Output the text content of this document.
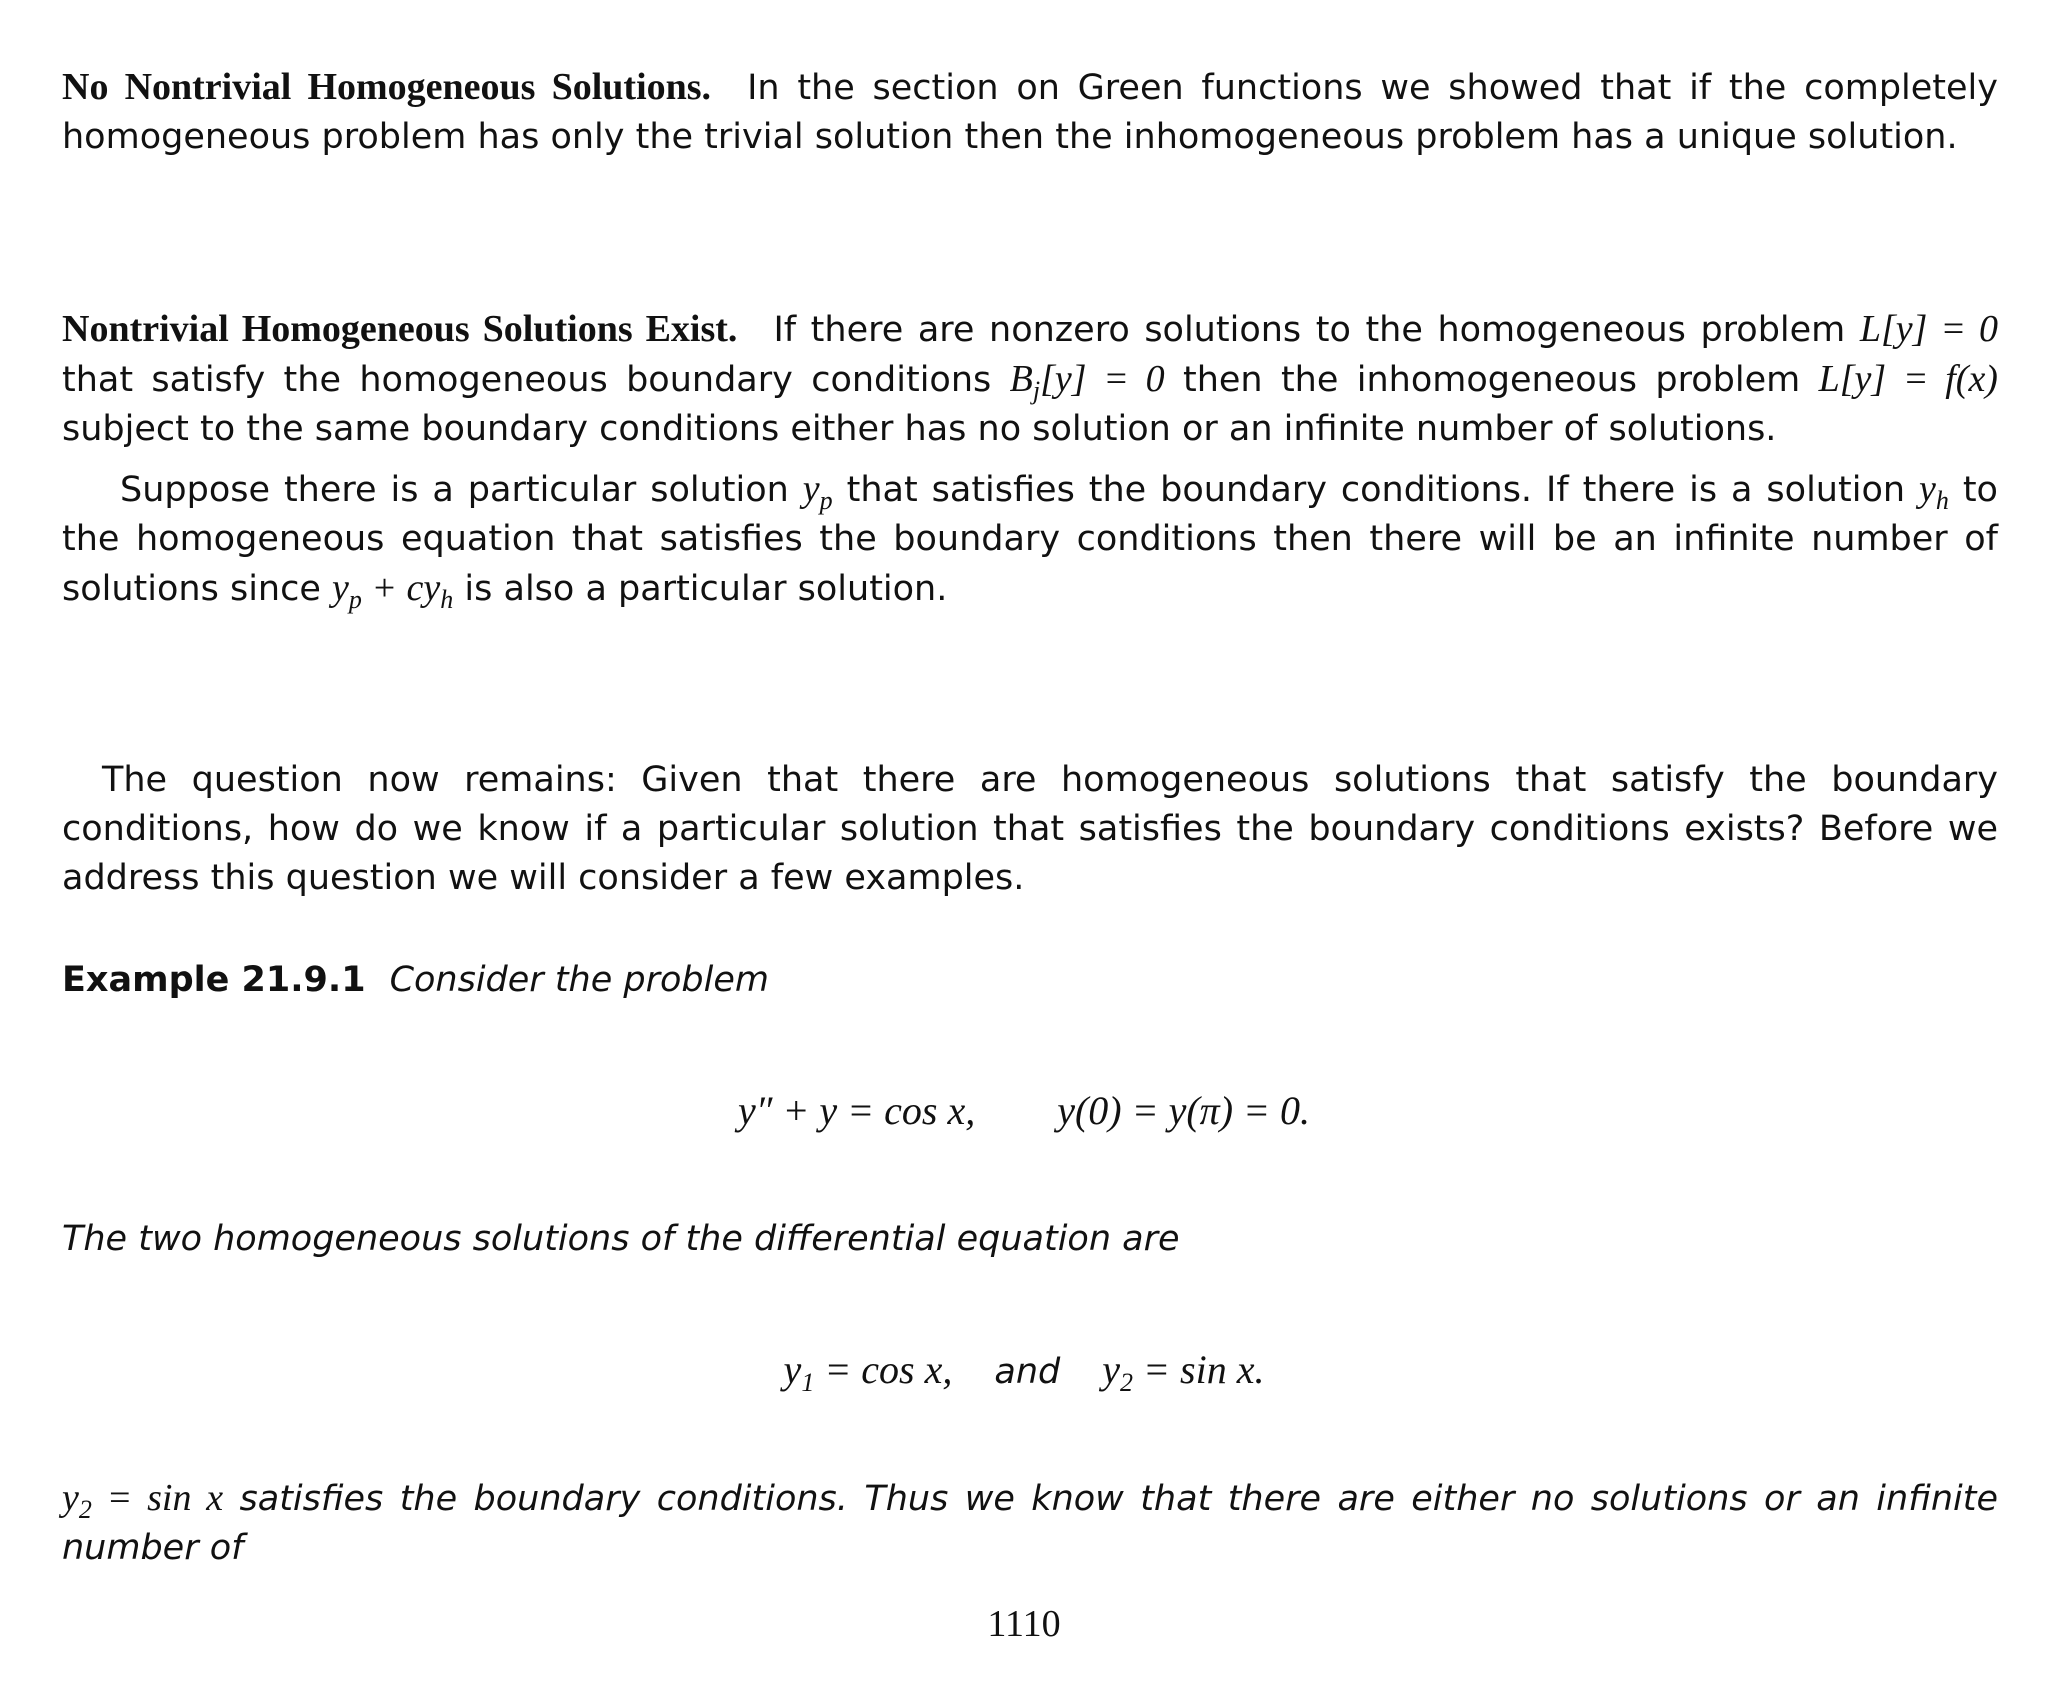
No Nontrivial Homogeneous Solutions. In the section on Green functions we showed that if the completely homogeneous problem has only the trivial solution then the inhomogeneous problem has a unique solution.
Nontrivial Homogeneous Solutions Exist. If there are nonzero solutions to the homogeneous problem L[y] = 0 that satisfy the homogeneous boundary conditions $B_j[y] = 0$ then the inhomogeneous problem L[y] = f(x) subject to the same boundary conditions either has no solution or an infinite number of solutions.
Suppose there is a particular solution $y_p$ that satisfies the boundary conditions. If there is a solution $y_h$ to the homogeneous equation that satisfies the boundary conditions then there will be an infinite number of solutions since $y_p + cy_h$ is also a particular solution.
The question now remains: Given that there are homogeneous solutions that satisfy the boundary conditions, how do we know if a particular solution that satisfies the boundary conditions exists? Before we address this question we will consider a few examples.
Example 21.9.1 Consider the problem
y″ + y = cos x, y(0) = y(π) = 0.
The two homogeneous solutions of the differential equation are
$y_1 = \cos x$, and $y_2 = \sin x$.
$y_2 = \sin x$ satisfies the boundary conditions. Thus we know that there are either no solutions or an infinite number of
1110
